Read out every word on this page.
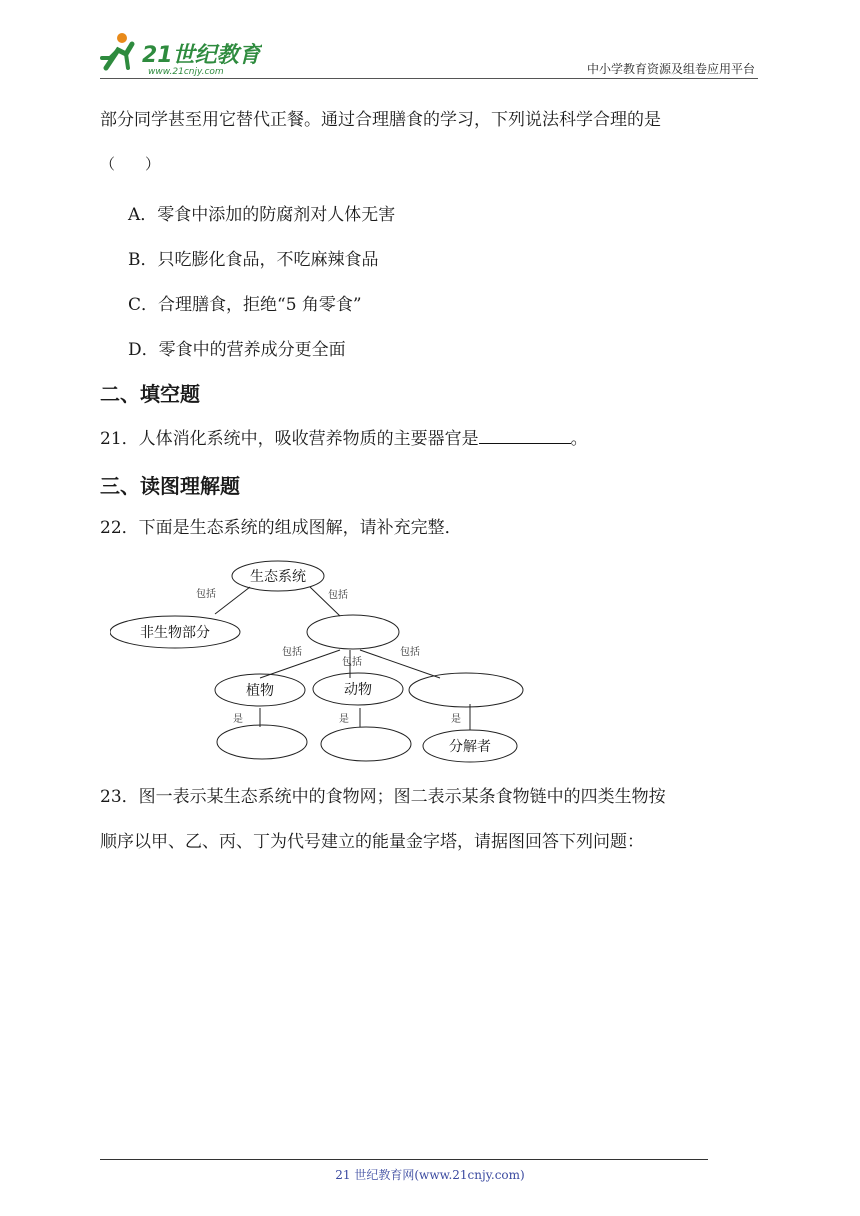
21世纪教育
www.21cnjy.com	中小学教育资源及组卷应用平台
部分同学甚至用它替代正餐。通过合理膳食的学习，下列说法科学合理的是
（　　）
A．零食中添加的防腐剂对人体无害
B．只吃膨化食品，不吃麻辣食品
C．合理膳食，拒绝“5 角零食”
D．零食中的营养成分更全面
二、填空题
21．人体消化系统中，吸收营养物质的主要器官是	。
三、读图理解题
22．下面是生态系统的组成图解，请补充完整．
生态系统
非生物部分
植物	动物
分解者
包括	包括
包括
包括
包括
是	是	是
23．图一表示某生态系统中的食物网；图二表示某条食物链中的四类生物按
顺序以甲、乙、丙、丁为代号建立的能量金字塔，请据图回答下列问题：
21 世纪教育网(www.21cnjy.com)
